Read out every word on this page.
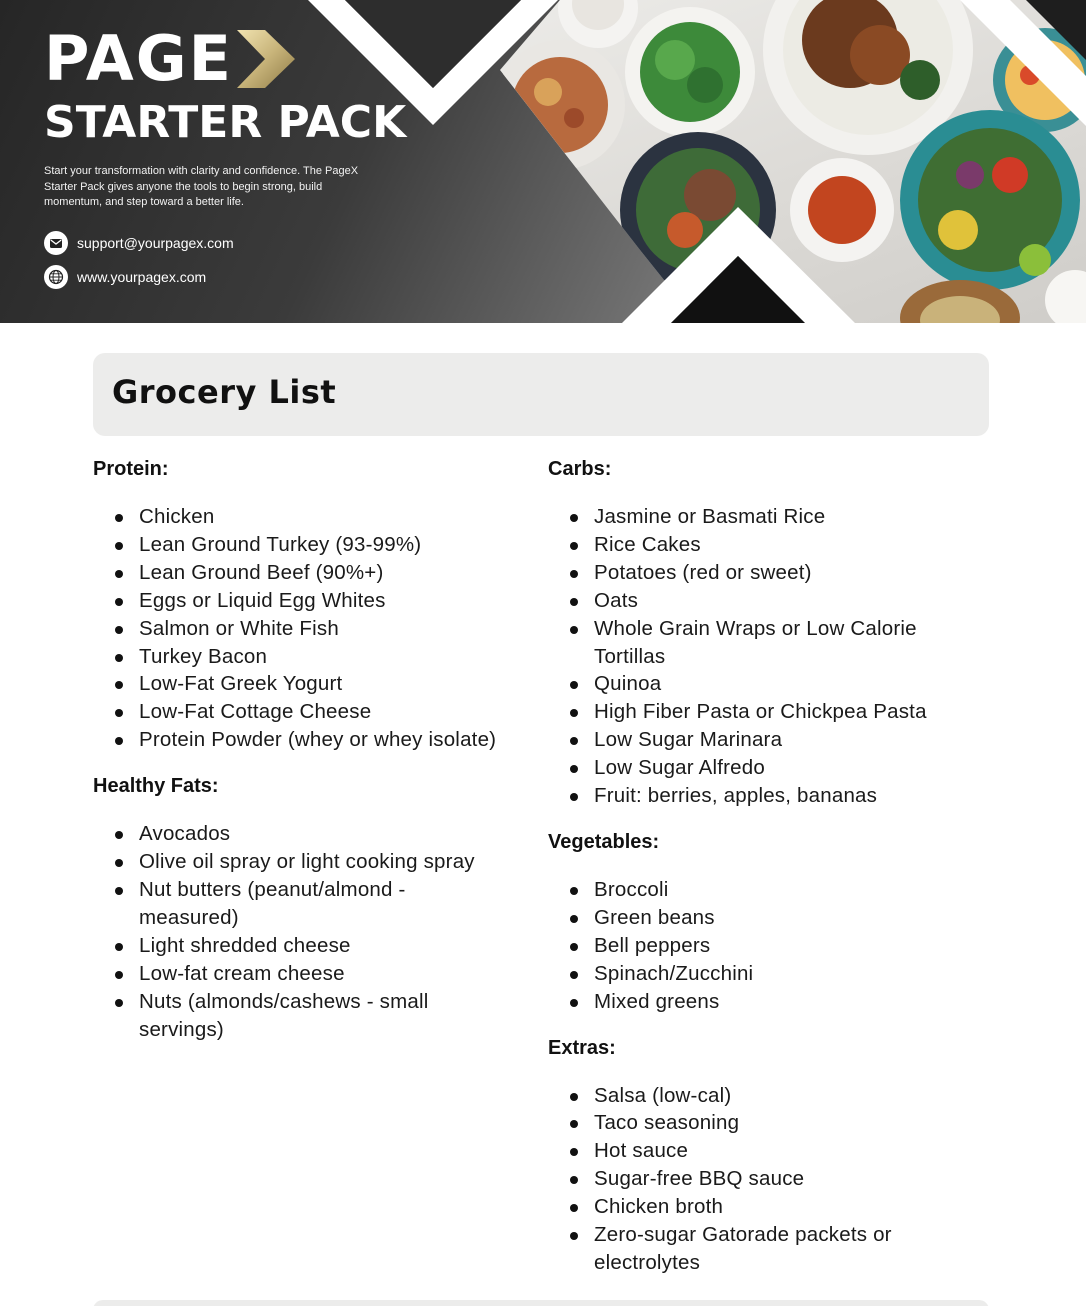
PAGE
STARTER PACK
Start your transformation with clarity and confidence. The PageX Starter Pack gives anyone the tools to begin strong, build momentum, and step toward a better life.
support@yourpagex.com
www.yourpagex.com
Grocery List
Protein:
Chicken
Lean Ground Turkey (93-99%)
Lean Ground Beef (90%+)
Eggs or Liquid Egg Whites
Salmon or White Fish
Turkey Bacon
Low-Fat Greek Yogurt
Low-Fat Cottage Cheese
Protein Powder (whey or whey isolate)
Healthy Fats:
Avocados
Olive oil spray or light cooking spray
Nut butters (peanut/almond - measured)
Light shredded cheese
Low-fat cream cheese
Nuts (almonds/cashews - small servings)
Carbs:
Jasmine or Basmati Rice
Rice Cakes
Potatoes (red or sweet)
Oats
Whole Grain Wraps or Low Calorie Tortillas
Quinoa
High Fiber Pasta or Chickpea Pasta
Low Sugar Marinara
Low Sugar Alfredo
Fruit: berries, apples, bananas
Vegetables:
Broccoli
Green beans
Bell peppers
Spinach/Zucchini
Mixed greens
Extras:
Salsa (low-cal)
Taco seasoning
Hot sauce
Sugar-free BBQ sauce
Chicken broth
Zero-sugar Gatorade packets or electrolytes
